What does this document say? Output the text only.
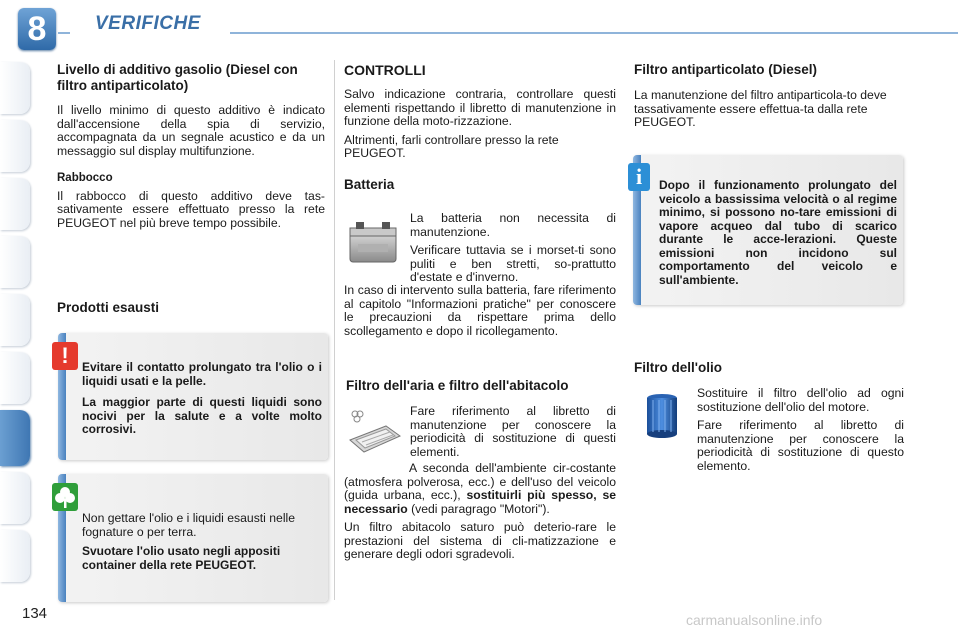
8	VERIFICHE
Livello di additivo gasolio (Diesel con filtro antiparticolato)

Il livello minimo di questo additivo è indicato dall'accensione della spia di servizio, accompagnata da un segnale acustico e da un messaggio sul display multifunzione.

Rabbocco

Il rabbocco di questo additivo deve tas-sativamente essere effettuato presso la rete PEUGEOT nel più breve tempo possibile.

Prodotti esausti

Evitare il contatto prolungato tra l'olio o i liquidi usati e la pelle.

La maggior parte di questi liquidi sono nocivi per la salute e a volte molto corrosivi.

!

Non gettare l'olio e i liquidi esausti nelle fognature o per terra.

Svuotare l'olio usato negli appositi container della rete PEUGEOT.

CONTROLLI

Salvo indicazione contraria, controllare questi elementi rispettando il libretto di manutenzione in funzione della moto-rizzazione.

Altrimenti, farli controllare presso la rete PEUGEOT.

Batteria

La batteria non necessita di manutenzione.

Verificare tuttavia se i morset-ti sono puliti e ben stretti, so-prattutto d'estate e d'inverno.

In caso di intervento sulla batteria, fare riferimento al capitolo "Informazioni pratiche" per conoscere le precauzioni da rispettare prima dello scollegamento e dopo il ricollegamento.

Filtro dell'aria e filtro dell'abitacolo

Fare riferimento al libretto di manutenzione per conoscere la periodicità di sostituzione di questi elementi.

A seconda dell'ambiente cir-costante (atmosfera polverosa, ecc.) e dell'uso del veicolo (guida urbana, ecc.), sostituirli più spesso, se necessario (vedi paragrago "Motori").

Un filtro abitacolo saturo può deterio-rare le prestazioni del sistema di cli-matizzazione e generare degli odori sgradevoli.

Filtro antiparticolato (Diesel)

La manutenzione del filtro antiparticola-to deve tassativamente essere effettua-ta dalla rete PEUGEOT.

Dopo il funzionamento prolungato del veicolo a bassissima velocità o al regime minimo, si possono no-tare emissioni di vapore acqueo dal tubo di scarico durante le acce-lerazioni. Queste emissioni non incidono sul comportamento del veicolo e sull'ambiente.

i
Filtro dell'olio

Sostituire il filtro dell'olio ad ogni sostituzione dell'olio del motore.

Fare riferimento al libretto di manutenzione per conoscere la periodicità di sostituzione di questo elemento.

134	carmanualsonline.info
